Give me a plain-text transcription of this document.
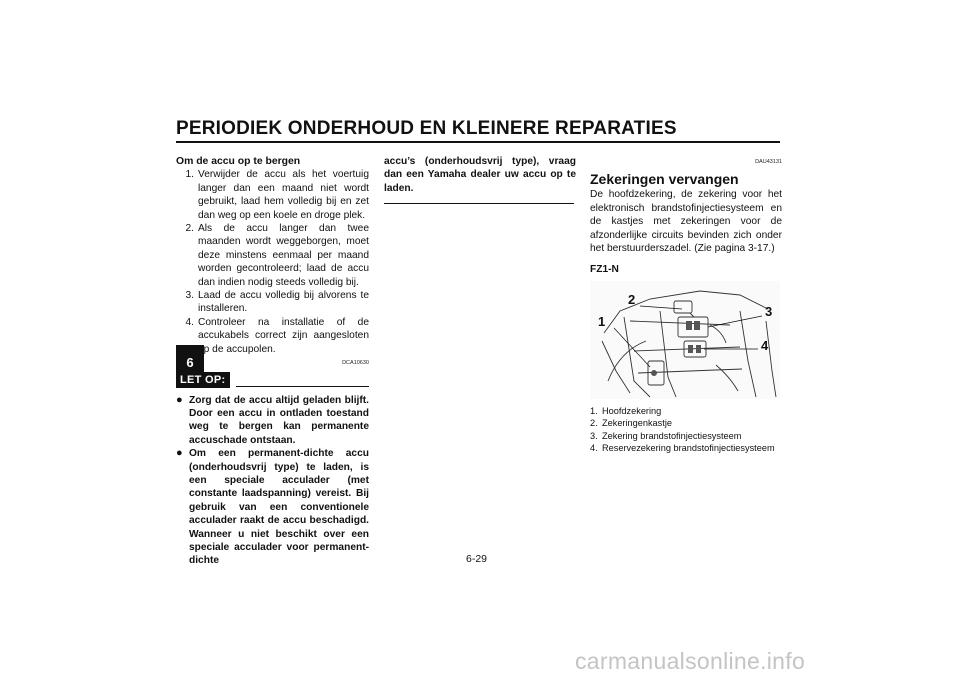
PERIODIEK ONDERHOUD EN KLEINERE REPARATIES
6
Om de accu op te bergen
1. Verwijder de accu als het voertuig langer dan een maand niet wordt gebruikt, laad hem volledig bij en zet dan weg op een koele en droge plek.
2. Als de accu langer dan twee maanden wordt weggeborgen, moet deze minstens eenmaal per maand worden gecontroleerd; laad de accu dan indien nodig steeds volledig bij.
3. Laad de accu volledig bij alvorens te installeren.
4. Controleer na installatie of de accukabels correct zijn aangesloten op de accupolen.
DCA10630
LET OP:
● Zorg dat de accu altijd geladen blijft. Door een accu in ontladen toestand weg te bergen kan permanente accuschade ontstaan.
● Om een permanent-dichte accu (onderhoudsvrij type) te laden, is een speciale acculader (met constante laadspanning) vereist. Bij gebruik van een conventionele acculader raakt de accu beschadigd. Wanneer u niet beschikt over een speciale acculader voor permanent-dichte
accu’s (onderhoudsvrij type), vraag dan een Yamaha dealer uw accu op te laden.
DAU43131
Zekeringen vervangen
De hoofdzekering, de zekering voor het elektronisch brandstofinjectiesysteem en de kastjes met zekeringen voor de afzonderlijke circuits bevinden zich onder het berstuurderszadel. (Zie pagina 3-17.)
FZ1-N
1
2
3
4
1. Hoofdzekering
2. Zekeringenkastje
3. Zekering brandstofinjectiesysteem
4. Reservezekering brandstofinjectiesysteem
6-29
carmanualsonline.info
